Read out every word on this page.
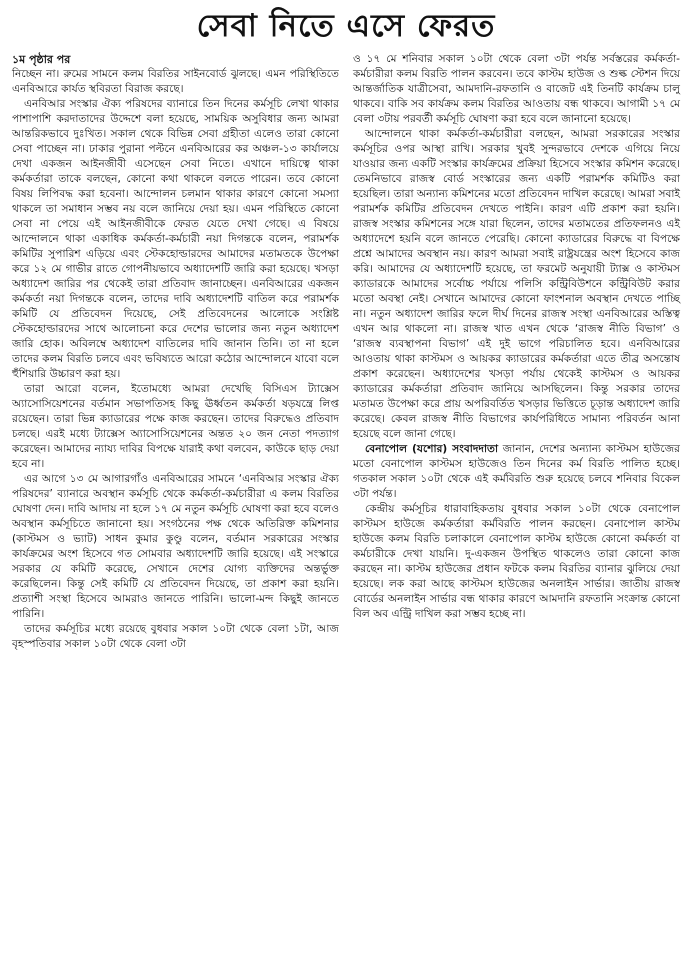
সেবা নিতে এসে ফেরত
১ম পৃষ্ঠার পর

নিচ্ছেন না। রুমের সামনে কলম বিরতির সাইনবোর্ড ঝুলছে। এমন পরিস্থিতিতে এনবিআরে কার্যত স্থবিরতা বিরাজ করছে।

এনবিআর সংস্কার ঐক্য পরিষদের ব্যানারে তিন দিনের কর্মসূচি লেখা থাকার পাশাপাশি করদাতাদের উদ্দেশে বলা হয়েছে, সাময়িক অসুবিধার জন্য আমরা আন্তরিকভাবে দুঃখিত। সকাল থেকে বিভিন্ন সেবা গ্রহীতা এলেও তারা কোনো সেবা পাচ্ছেন না। ঢাকার পুরানা পল্টনে এনবিআরের কর অঞ্চল-১৩ কার্যালয়ে দেখা একজন আইনজীবী এসেছেন সেবা নিতে। এখানে দায়িত্বে থাকা কর্মকর্তারা তাকে বলছেন, কোনো কথা থাকলে বলতে পারেন। তবে কোনো বিষয় লিপিবদ্ধ করা হবেনা। আন্দোলন চলমান থাকার কারণে কোনো সমস্যা থাকলে তা সমাধান সম্ভব নয় বলে জানিয়ে দেয়া হয়। এমন পরিস্থিতে কোনো সেবা না পেয়ে এই আইনজীবীকে ফেরত যেতে দেখা গেছে। এ বিষয়ে আন্দোলনে থাকা একাধিক কর্মকর্তা-কর্মচারী নয়া দিগন্তকে বলেন, পরামর্শক কমিটির সুপারিশ এড়িয়ে এবং স্টেকহোল্ডারদের আমাদের মতামতকে উপেক্ষা করে ১২ মে গাভীর রাতে গোপনীয়ভাবে অধ্যাদেশটি জারি করা হয়েছে। খসড়া অধ্যাদেশ জারির পর থেকেই তারা প্রতিবাদ জানাচ্ছেন। এনবিআরের একজন কর্মকর্তা নয়া দিগন্তকে বলেন, তাদের দাবি অধ্যাদেশটি বাতিল করে পরামর্শক কমিটি যে প্রতিবেদন দিয়েছে, সেই প্রতিবেদনের আলোকে সংশ্লিষ্ট স্টেকহোল্ডারদের সাথে আলোচনা করে দেশের ভালোর জন্য নতুন অধ্যাদেশ জারি হোক। অবিলম্বে অধ্যাদেশ বাতিলের দাবি জানান তিনি। তা না হলে তাদের কলম বিরতি চলবে এবং ভবিষ্যতে আরো কঠোর আন্দোলনে যাবো বলে হুঁশিয়ারি উচ্চারণ করা হয়।

তারা আরো বলেন, ইতোমধ্যে আমরা দেখেছি বিসিএস ট্যাক্সেস অ্যাসোসিয়েশনের বর্তমান সভাপতিসহ কিছু ঊর্ধ্বতন কর্মকর্তা ষড়যন্ত্রে লিপ্ত রয়েছেন। তারা ভিন্ন ক্যাডারের পক্ষে কাজ করছেন। তাদের বিরুদ্ধেও প্রতিবাদ চলছে। এরই মধ্যে ট্যাক্সেস অ্যাসোসিয়েশনের অন্তত ২০ জন নেতা পদত্যাগ করেছেন। আমাদের ন্যায্য দাবির বিপক্ষে যারাই কথা বলবেন, কাউকে ছাড় দেয়া হবে না।

এর আগে ১৩ মে আগারগাঁও এনবিআরের সামনে ‘এনবিআর সংস্কার ঐক্য পরিষদের’ ব্যানারে অবস্থান কর্মসূচি থেকে কর্মকর্তা-কর্মচারীরা এ কলম বিরতির ঘোষণা দেন। দাবি আদায় না হলে ১৭ মে নতুন কর্মসূচি ঘোষণা করা হবে বলেও অবস্থান কর্মসূচিতে জানানো হয়। সংগঠনের পক্ষ থেকে অতিরিক্ত কমিশনার (কাস্টমস ও ভ্যাট) সাধন কুমার কুণ্ডু বলেন, বর্তমান সরকারের সংস্কার কার্যক্রমের অংশ হিসেবে গত সোমবার অধ্যাদেশটি জারি হয়েছে। এই সংস্কারে সরকার যে কমিটি করেছে, সেখানে দেশের যোগ্য ব্যক্তিদের অন্তর্ভুক্ত করেছিলেন। কিন্তু সেই কমিটি যে প্রতিবেদন দিয়েছে, তা প্রকাশ করা হয়নি। প্রত্যাশী সংস্থা হিসেবে আমরাও জানতে পারিনি। ভালো-মন্দ কিছুই জানতে পারিনি।

তাদের কর্মসূচির মধ্যে রয়েছে বুধবার সকাল ১০টা থেকে বেলা ১টা, আজ বৃহস্পতিবার সকাল ১০টা থেকে বেলা ৩টা

ও ১৭ মে শনিবার সকাল ১০টা থেকে বেলা ৩টা পর্যন্ত সর্বস্তরের কর্মকর্তা-কর্মচারীরা কলম বিরতি পালন করবেন। তবে কাস্টম হাউজ ও শুল্ক স্টেশন দিয়ে আন্তর্জাতিক যাত্রীসেবা, আমদানি-রফতানি ও বাজেট এই তিনটি কার্যক্রম চালু থাকবে। বাকি সব কার্যক্রম কলম বিরতির আওতায় বন্ধ থাকবে। আগামী ১৭ মে বেলা ৩টায় পরবর্তী কর্মসূচি ঘোষণা করা হবে বলে জানানো হয়েছে।

আন্দোলনে থাকা কর্মকর্তা-কর্মচারীরা বলছেন, আমরা সরকারের সংস্কার কর্মসূচির ওপর আস্থা রাখি। সরকার খুবই সুন্দরভাবে দেশকে এগিয়ে নিয়ে যাওয়ার জন্য একটি সংস্কার কার্যক্রমের প্রক্রিয়া হিসেবে সংস্কার কমিশন করেছে। তেমনিভাবে রাজস্ব বোর্ড সংস্কারের জন্য একটি পরামর্শক কমিটিও করা হয়েছিল। তারা অন্যান্য কমিশনের মতো প্রতিবেদন দাখিল করেছে। আমরা সবাই পরামর্শক কমিটির প্রতিবেদন দেখতে পাইনি। কারণ এটি প্রকাশ করা হয়নি। রাজস্ব সংস্কার কমিশনের সঙ্গে যারা ছিলেন, তাদের মতামতের প্রতিফলনও এই অধ্যাদেশে হয়নি বলে জানতে পেরেছি। কোনো ক্যাডারের বিরুদ্ধে বা বিপক্ষে প্রশ্নে আমাদের অবস্থান নয়। কারণ আমরা সবাই রাষ্ট্রযন্ত্রের অংশ হিসেবে কাজ করি। আমাদের যে অধ্যাদেশটি হয়েছে, তা ফরমেট অনুযায়ী ট্যাক্স ও কাস্টমস ক্যাডারকে আমাদের সর্বোচ্চ পর্যায়ে পলিসি কন্ট্রিবিউশনে কন্ট্রিবিউট করার মতো অবস্থা নেই। সেখানে আমাদের কোনো ফাংশনাল অবস্থান দেখতে পাচ্ছি না। নতুন অধ্যাদেশ জারির ফলে দীর্ঘ দিনের রাজস্ব সংস্থা এনবিআরের অস্তিত্ব এখন আর থাকলো না। রাজস্ব খাত এখন থেকে ‘রাজস্ব নীতি বিভাগ’ ও ‘রাজস্ব ব্যবস্থাপনা বিভাগ’ এই দুই ভাগে পরিচালিত হবে। এনবিআরের আওতায় থাকা কাস্টমস ও আয়কর ক্যাডারের কর্মকর্তারা এতে তীব্র অসন্তোষ প্রকাশ করেছেন। অধ্যাদেশের খসড়া পর্যায় থেকেই কাস্টমস ও আয়কর ক্যাডারের কর্মকর্তারা প্রতিবাদ জানিয়ে আসছিলেন। কিন্তু সরকার তাদের মতামত উপেক্ষা করে প্রায় অপরিবর্তিত খসড়ার ভিত্তিতে চূড়ান্ত অধ্যাদেশ জারি করেছে। কেবল রাজস্ব নীতি বিভাগের কার্যপরিধিতে সামান্য পরিবর্তন আনা হয়েছে বলে জানা গেছে।

বেনাপোল (যশোর) সংবাদদাতা জানান, দেশের অন্যান্য কাস্টমস হাউজের মতো বেনাপোল কাস্টমস হাউজেও তিন দিনের কর্ম বিরতি পালিত হচ্ছে। গতকাল সকাল ১০টা থেকে এই কর্মবিরতি শুরু হয়েছে চলবে শনিবার বিকেল ৩টা পর্যন্ত।

কেন্দ্রীয় কর্মসূচির ধারাবাহিকতায় বুধবার সকাল ১০টা থেকে বেনাপোল কাস্টমস হাউজে কর্মকর্তারা কর্মবিরতি পালন করছেন। বেনাপোল কাস্টম হাউজে কলম বিরতি চলাকালে বেনাপোল কাস্টম হাউজে কোনো কর্মকর্তা বা কর্মচারীকে দেখা যায়নি। দু-একজন উপস্থিত থাকলেও তারা কোনো কাজ করছেন না। কাস্টম হাউজের প্রধান ফটকে কলম বিরতির ব্যানার ঝুলিয়ে দেয়া হয়েছে। লক করা আছে কাস্টমস হাউজের অনলাইন সার্ভার। জাতীয় রাজস্ব বোর্ডের অনলাইন সার্ভার বন্ধ থাকার কারণে আমদানি রফতানি সংক্রান্ত কোনো বিল অব এন্ট্রি দাখিল করা সম্ভব হচ্ছে না।
